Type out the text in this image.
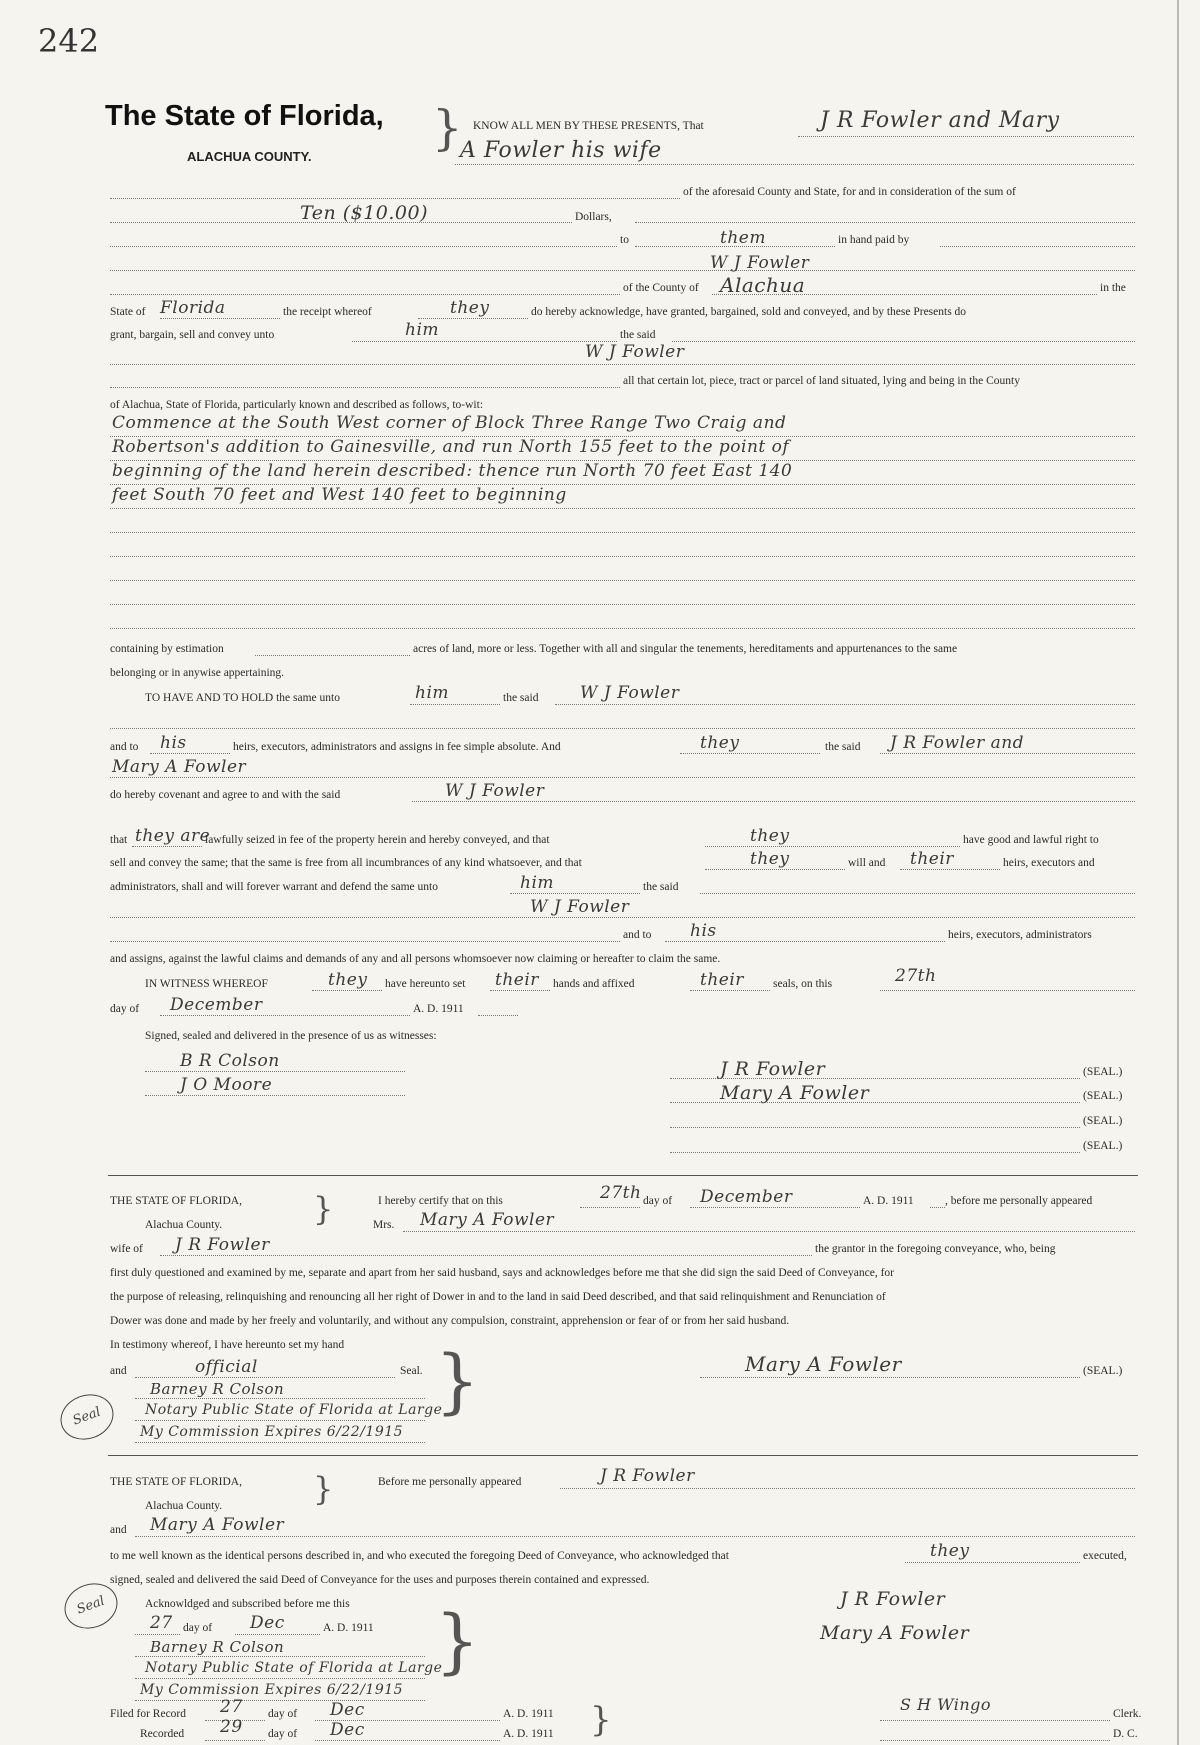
242
The State of Florida,
ALACHUA COUNTY.
} KNOW ALL MEN BY THESE PRESENTS, That	J R Fowler and Mary
A Fowler his wife
of the aforesaid County and State, for and in consideration of the sum of
Ten ($10.00)	Dollars,
to	them	in hand paid by
W J Fowler
of the County of Alachua	in the
State of Florida	the receipt whereof	they	do hereby acknowledge, have granted, bargained, sold and conveyed, and by these Presents do
grant, bargain, sell and convey unto	him	the said
W J Fowler
all that certain lot, piece, tract or parcel of land situated, lying and being in the County
of Alachua, State of Florida, particularly known and described as follows, to-wit:
Commence at the South West corner of Block Three Range Two Craig and
Robertson's addition to Gainesville, and run North 155 feet to the point of
beginning of the land herein described: thence run North 70 feet East 140
feet South 70 feet and West 140 feet to beginning
containing by estimation	acres of land, more or less. Together with all and singular the tenements, hereditaments and appurtenances to the same
belonging or in anywise appertaining.
TO HAVE AND TO HOLD the same unto	him	the said W J Fowler
and to his	heirs, executors, administrators and assigns in fee simple absolute. And	they	the said J R Fowler and
Mary A Fowler
do hereby covenant and agree to and with the said	W J Fowler
that they are
lawfully seized in fee of the property herein and hereby conveyed, and that	they	have good and lawful right to
sell and convey the same; that the same is free from all incumbrances of any kind whatsoever, and that	they	will and their	heirs, executors and
administrators, shall and will forever warrant and defend the same unto	him	the said
W J Fowler
and to his	heirs, executors, administrators
and assigns, against the lawful claims and demands of any and all persons whomsoever now claiming or hereafter to claim the same.
IN WITNESS WHEREOF	they have hereunto set their hands and affixed	their	seals, on this	27th
day of December	A. D. 1911
Signed, sealed and delivered in the presence of us as witnesses:
B R Colson
J O Moore
J R Fowler	(SEAL.)
Mary A Fowler	(SEAL.)
(SEAL.)
(SEAL.)
THE STATE OF FLORIDA, }	I hereby certify that on this	27th day of December	A. D. 1911	, before me personally appeared
Alachua County.	Mrs. Mary A Fowler
wife of J R Fowler	the grantor in the foregoing conveyance, who, being
first duly questioned and examined by me, separate and apart from her said husband, says and acknowledges before me that she did sign the said Deed of Conveyance, for
the purpose of releasing, relinquishing and renouncing all her right of Dower in and to the land in said Deed described, and that said relinquishment and Renunciation of
Dower was done and made by her freely and voluntarily, and without any compulsion, constraint, apprehension or fear of or from her said husband.
In testimony whereof, I have hereunto set my hand
and	official	Seal. }
Barney R Colson
Notary Public State of Florida at Large
My Commission Expires 6/22/1915
Seal
Mary A Fowler	(SEAL.)
THE STATE OF FLORIDA, }	Before me personally appeared	J R Fowler
Alachua County.
and Mary A Fowler
to me well known as the identical persons described in, and who executed the foregoing Deed of Conveyance, who acknowledged that	they	executed,
signed, sealed and delivered the said Deed of Conveyance for the uses and purposes therein contained and expressed.
Acknowldged and subscribed before me this
27 day of Dec	A. D. 1911 }
Barney R Colson
Notary Public State of Florida at Large
My Commission Expires 6/22/1915
Seal	J R Fowler
Mary A Fowler
Filed for Record 27 day of Dec	A. D. 1911
Recorded 29 day of Dec	A. D. 1911 }	S H Wingo	Clerk.
D. C.
